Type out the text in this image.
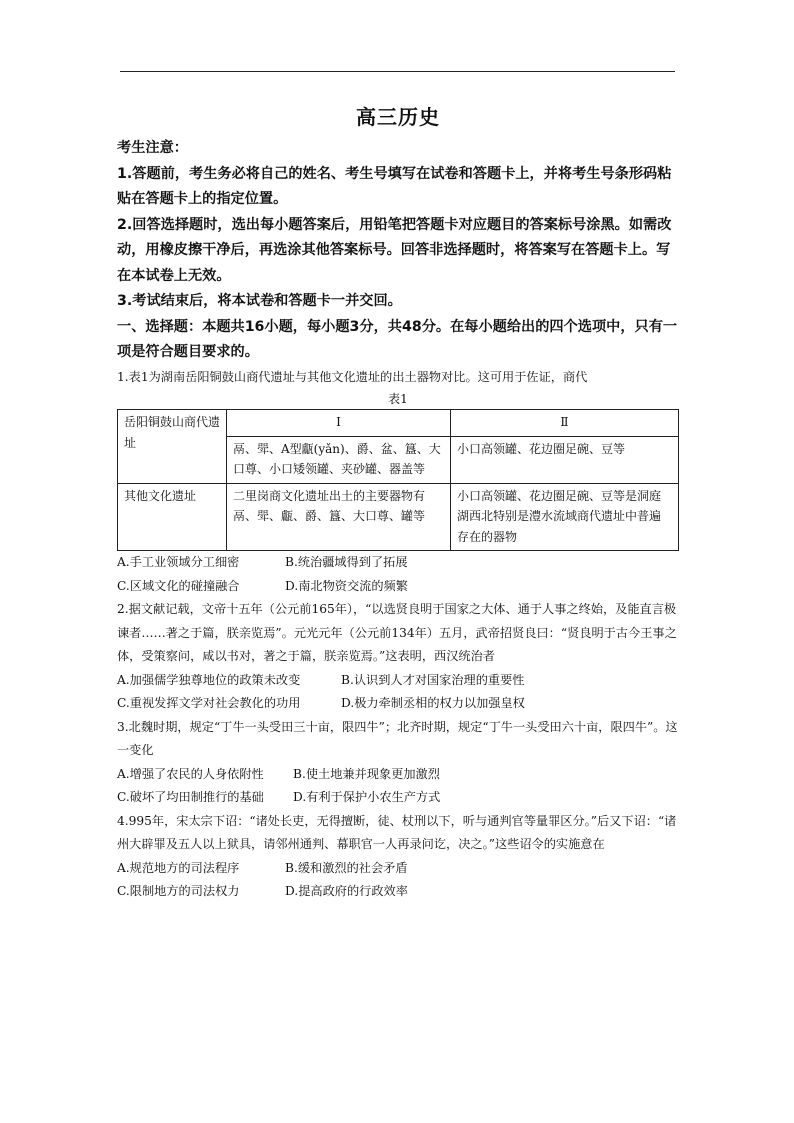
高三历史
考生注意：
1.答题前，考生务必将自己的姓名、考生号填写在试卷和答题卡上，并将考生号条形码粘贴在答题卡上的指定位置。
2.回答选择题时，选出每小题答案后，用铅笔把答题卡对应题目的答案标号涂黑。如需改动，用橡皮擦干净后，再选涂其他答案标号。回答非选择题时，将答案写在答题卡上。写在本试卷上无效。
3.考试结束后，将本试卷和答题卡一并交回。
一、选择题：本题共16小题，每小题3分，共48分。在每小题给出的四个选项中，只有一项是符合题目要求的。
1.表1为湖南岳阳铜鼓山商代遗址与其他文化遗址的出土器物对比。这可用于佐证，商代
表1
岳阳铜鼓山商代遗址	Ⅰ	Ⅱ
	鬲、斝、A型甗(yǎn)、爵、盆、簋、大口尊、小口矮领罐、夹砂罐、器盖等	小口高领罐、花边圈足碗、豆等
其他文化遗址	二里岗商文化遗址出土的主要器物有鬲、斝、甗、爵、簋、大口尊、罐等	小口高领罐、花边圈足碗、豆等是洞庭湖西北特别是澧水流域商代遗址中普遍存在的器物
A.手工业领域分工细密	B.统治疆域得到了拓展
C.区域文化的碰撞融合	D.南北物资交流的频繁
2.据文献记载，文帝十五年（公元前165年），“以选贤良明于国家之大体、通于人事之终始，及能直言极谏者……著之于篇，朕亲览焉”。元光元年（公元前134年）五月，武帝招贤良曰：“贤良明于古今王事之体，受策察问，咸以书对，著之于篇，朕亲览焉。”这表明，西汉统治者
A.加强儒学独尊地位的政策未改变	B.认识到人才对国家治理的重要性
C.重视发挥文学对社会教化的功用	D.极力牵制丞相的权力以加强皇权
3.北魏时期，规定“丁牛一头受田三十亩，限四牛”；北齐时期，规定“丁牛一头受田六十亩，限四牛”。这一变化
A.增强了农民的人身依附性	B.使土地兼并现象更加激烈
C.破坏了均田制推行的基础	D.有利于保护小农生产方式
4.995年，宋太宗下诏：“诸处长吏，无得擅断，徒、杖刑以下，听与通判官等量罪区分。”后又下诏：“诸州大辟罪及五人以上狱具，请邻州通判、幕职官一人再录问讫，决之。”这些诏令的实施意在
A.规范地方的司法程序	B.缓和激烈的社会矛盾
C.限制地方的司法权力	D.提高政府的行政效率
